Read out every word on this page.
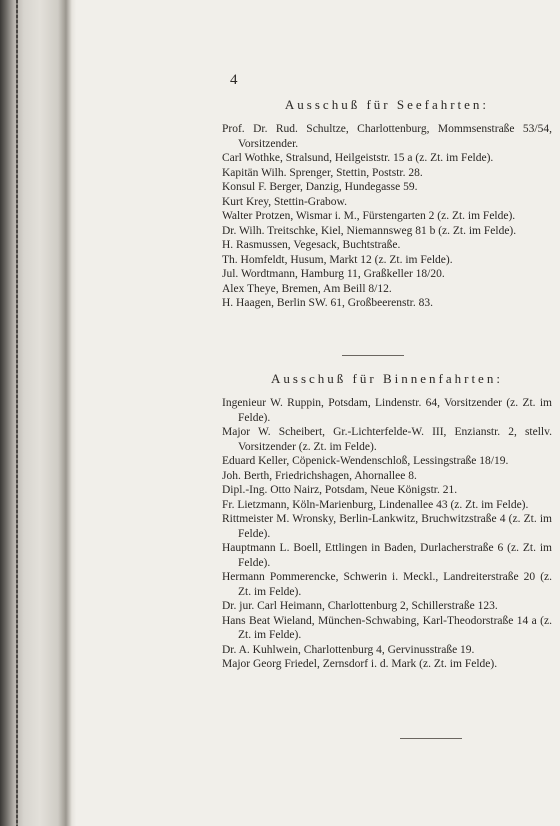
4
Ausschuß für Seefahrten:
Prof. Dr. Rud. Schultze, Charlottenburg, Mommsenstraße 53/54, Vorsitzender.
Carl Wothke, Stralsund, Heilgeiststr. 15 a (z. Zt. im Felde).
Kapitän Wilh. Sprenger, Stettin, Poststr. 28.
Konsul F. Berger, Danzig, Hundegasse 59.
Kurt Krey, Stettin-Grabow.
Walter Protzen, Wismar i. M., Fürstengarten 2 (z. Zt. im Felde).
Dr. Wilh. Treitschke, Kiel, Niemannsweg 81 b (z. Zt. im Felde).
H. Rasmussen, Vegesack, Buchtstraße.
Th. Homfeldt, Husum, Markt 12 (z. Zt. im Felde).
Jul. Wordtmann, Hamburg 11, Graßkeller 18/20.
Alex Theye, Bremen, Am Beill 8/12.
H. Haagen, Berlin SW. 61, Großbeerenstr. 83.
Ausschuß für Binnenfahrten:
Ingenieur W. Ruppin, Potsdam, Lindenstr. 64, Vorsitzender (z. Zt. im Felde).
Major W. Scheibert, Gr.-Lichterfelde-W. III, Enzianstr. 2, stellv. Vorsitzender (z. Zt. im Felde).
Eduard Keller, Cöpenick-Wendenschloß, Lessingstraße 18/19.
Joh. Berth, Friedrichshagen, Ahornallee 8.
Dipl.-Ing. Otto Nairz, Potsdam, Neue Königstr. 21.
Fr. Lietzmann, Köln-Marienburg, Lindenallee 43 (z. Zt. im Felde).
Rittmeister M. Wronsky, Berlin-Lankwitz, Bruchwitzstraße 4 (z. Zt. im Felde).
Hauptmann L. Boell, Ettlingen in Baden, Durlacherstraße 6 (z. Zt. im Felde).
Hermann Pommerencke, Schwerin i. Meckl., Landreiterstraße 20 (z. Zt. im Felde).
Dr. jur. Carl Heimann, Charlottenburg 2, Schillerstraße 123.
Hans Beat Wieland, München-Schwabing, Karl-Theodorstraße 14 a (z. Zt. im Felde).
Dr. A. Kuhlwein, Charlottenburg 4, Gervinusstraße 19.
Major Georg Friedel, Zernsdorf i. d. Mark (z. Zt. im Felde).
